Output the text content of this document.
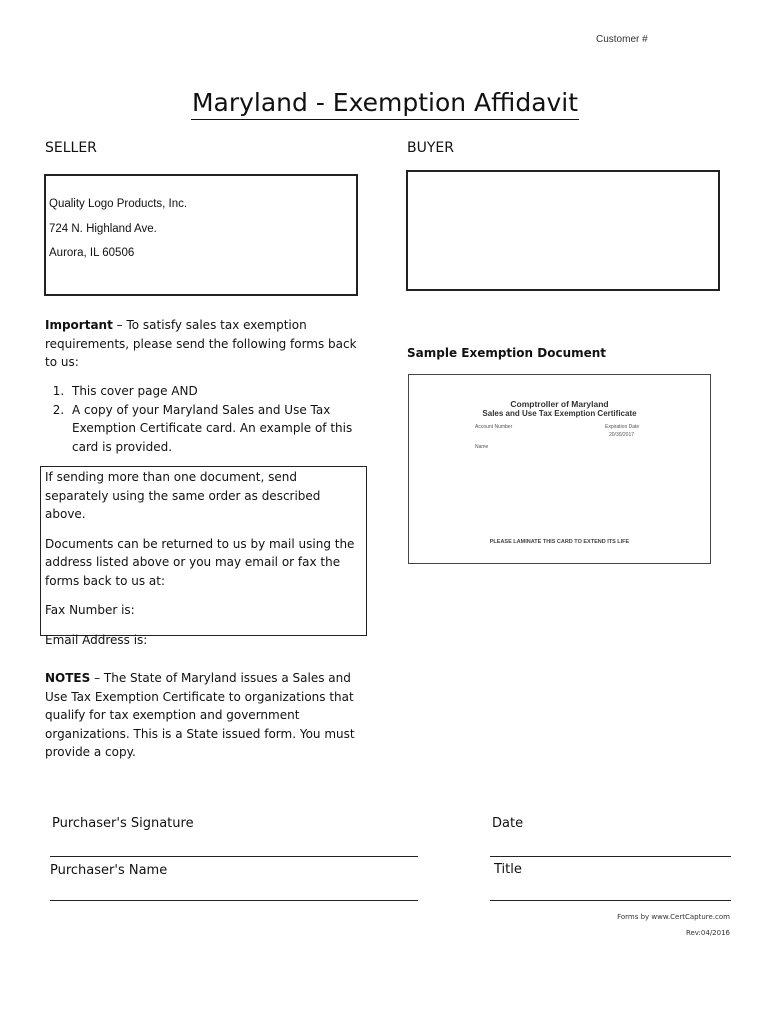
Customer #
Maryland - Exemption Affidavit
SELLER
Quality Logo Products, Inc.
724 N. Highland Ave.
Aurora, IL 60506
BUYER
Important – To satisfy sales tax exemption requirements, please send the following forms back to us:
1. This cover page AND
2. A copy of your Maryland Sales and Use Tax Exemption Certificate card. An example of this card is provided.
If sending more than one document, send separately using the same order as described above.
Documents can be returned to us by mail using the address listed above or you may email or fax the forms back to us at:
Fax Number is:
Email Address is:
NOTES – The State of Maryland issues a Sales and Use Tax Exemption Certificate to organizations that qualify for tax exemption and government organizations. This is a State issued form. You must provide a copy.
Sample Exemption Document
Comptroller of Maryland
Sales and Use Tax Exemption Certificate
Account Number	Expiration Date
20/30/2017
Name
PLEASE LAMINATE THIS CARD TO EXTEND ITS LIFE
Purchaser's Signature	Date
Purchaser's Name	Title
Forms by www.CertCapture.com
Rev:04/2016
